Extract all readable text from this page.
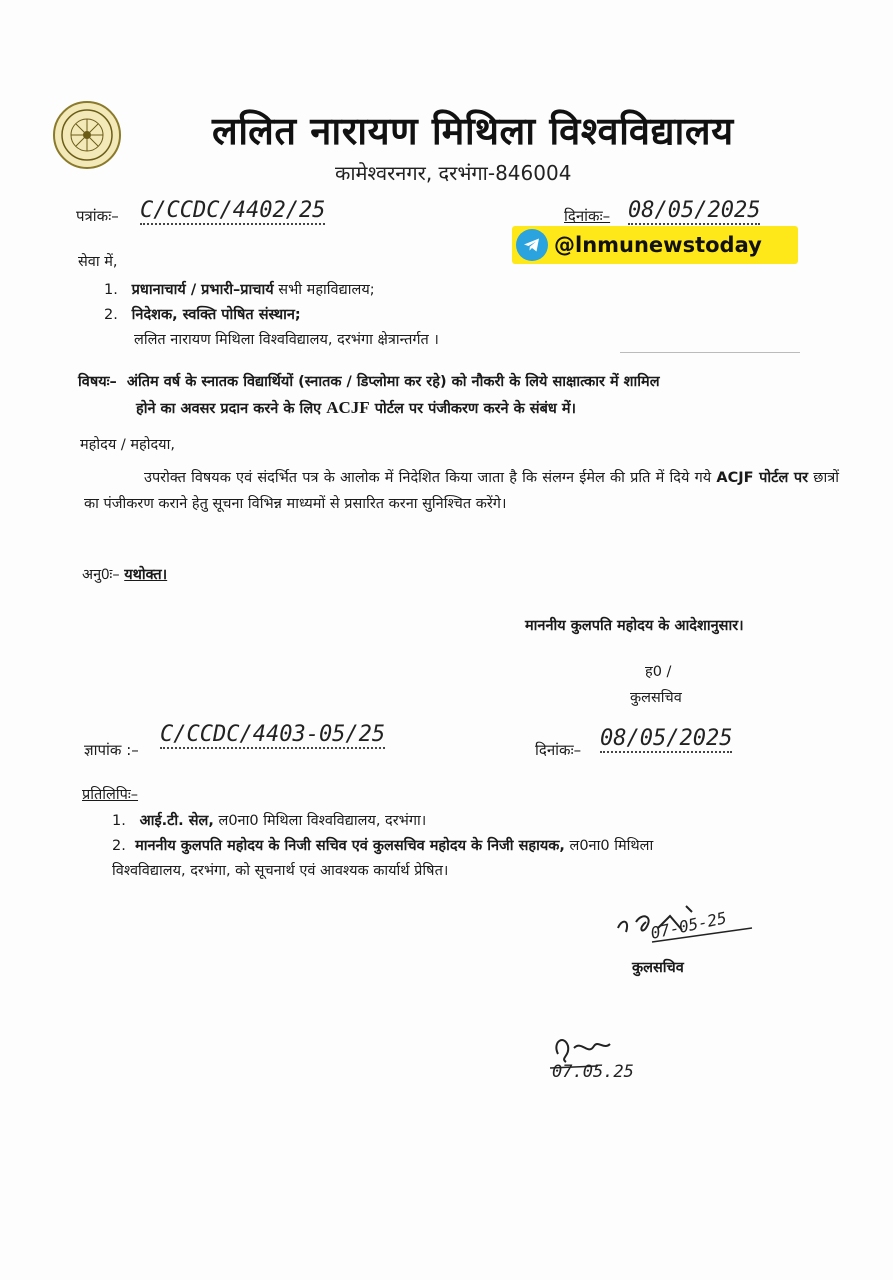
ललित नारायण मिथिला विश्वविद्यालय
कामेश्वरनगर, दरभंगा-846004
पत्रांकः– C/CCDC/4402/25	दिनांकः– 08/05/2025
@lnmunewstoday
सेवा में,
1. प्रधानाचार्य / प्रभारी–प्राचार्य सभी महाविद्यालय;
2. निदेशक, स्वक्ति पोषित संस्थान;
ललित नारायण मिथिला विश्वविद्यालय, दरभंगा क्षेत्रान्तर्गत ।
विषयः– अंतिम वर्ष के स्नातक विद्यार्थियों (स्नातक / डिप्लोमा कर रहे) को नौकरी के लिये साक्षात्कार में शामिल
होने का अवसर प्रदान करने के लिए ACJF पोर्टल पर पंजीकरण करने के संबंध में।
महोदय / महोदया,
उपरोक्त विषयक एवं संदर्भित पत्र के आलोक में निदेशित किया जाता है कि संलग्न ईमेल की प्रति में दिये गये ACJF पोर्टल पर छात्रों का पंजीकरण कराने हेतु सूचना विभिन्न माध्यमों से प्रसारित करना सुनिश्चित करेंगे।
अनु0ः– यथोक्त।
माननीय कुलपति महोदय के आदेशानुसार।
ह0 /
कुलसचिव
ज्ञापांक :–
C/CCDC/4403-05/25
दिनांकः– 08/05/2025
प्रतिलिपिः–
1. आई.टी. सेल, ल0ना0 मिथिला विश्वविद्यालय, दरभंगा।
2. माननीय कुलपति महोदय के निजी सचिव एवं कुलसचिव महोदय के निजी सहायक, ल0ना0 मिथिला
विश्वविद्यालय, दरभंगा, को सूचनार्थ एवं आवश्यक कार्यार्थ प्रेषित।
07-05-25
कुलसचिव
07.05.25
